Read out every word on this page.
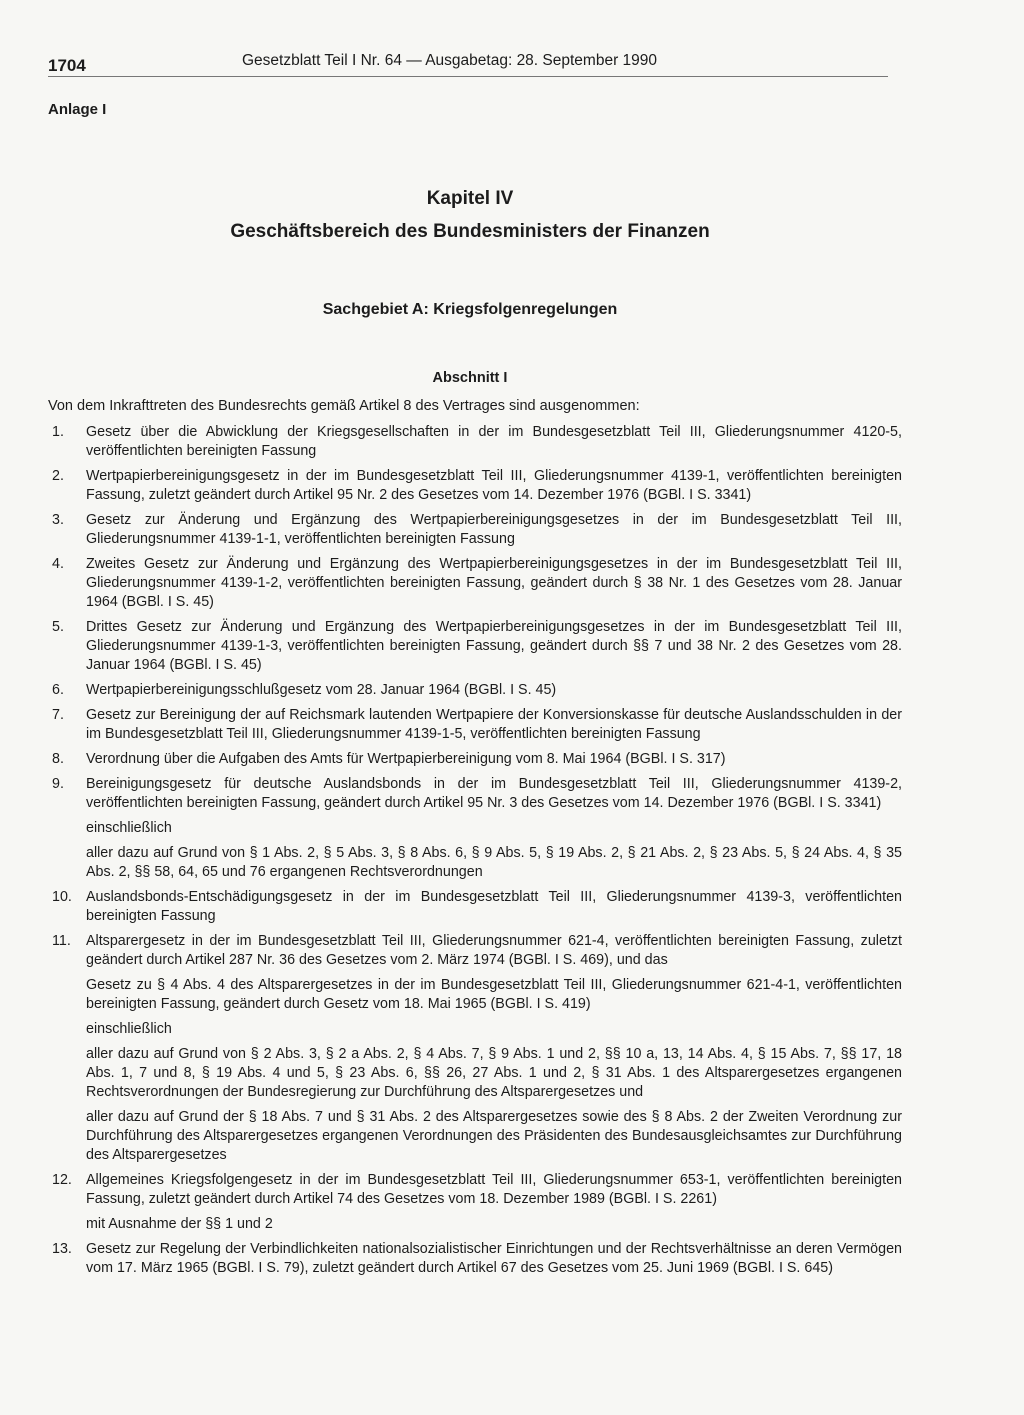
1704	Gesetzblatt Teil I Nr. 64 — Ausgabetag: 28. September 1990
Anlage I
Kapitel IV
Geschäftsbereich des Bundesministers der Finanzen
Sachgebiet A: Kriegsfolgenregelungen
Abschnitt I
Von dem Inkrafttreten des Bundesrechts gemäß Artikel 8 des Vertrages sind ausgenommen:
1.	Gesetz über die Abwicklung der Kriegsgesellschaften in der im Bundesgesetzblatt Teil III, Gliederungsnummer 4120-5, veröffentlichten bereinigten Fassung
2.	Wertpapierbereinigungsgesetz in der im Bundesgesetzblatt Teil III, Gliederungsnummer 4139-1, veröffentlichten bereinigten Fassung, zuletzt geändert durch Artikel 95 Nr. 2 des Gesetzes vom 14. Dezember 1976 (BGBl. I S. 3341)
3.	Gesetz zur Änderung und Ergänzung des Wertpapierbereinigungsgesetzes in der im Bundesgesetzblatt Teil III, Gliederungsnummer 4139-1-1, veröffentlichten bereinigten Fassung
4.	Zweites Gesetz zur Änderung und Ergänzung des Wertpapierbereinigungsgesetzes in der im Bundesgesetzblatt Teil III, Gliederungsnummer 4139-1-2, veröffentlichten bereinigten Fassung, geändert durch § 38 Nr. 1 des Gesetzes vom 28. Januar 1964 (BGBl. I S. 45)
5.	Drittes Gesetz zur Änderung und Ergänzung des Wertpapierbereinigungsgesetzes in der im Bundesgesetzblatt Teil III, Gliederungsnummer 4139-1-3, veröffentlichten bereinigten Fassung, geändert durch §§ 7 und 38 Nr. 2 des Gesetzes vom 28. Januar 1964 (BGBl. I S. 45)
6.	Wertpapierbereinigungsschlußgesetz vom 28. Januar 1964 (BGBl. I S. 45)
7.	Gesetz zur Bereinigung der auf Reichsmark lautenden Wertpapiere der Konversionskasse für deutsche Auslandsschulden in der im Bundesgesetzblatt Teil III, Gliederungsnummer 4139-1-5, veröffentlichten bereinigten Fassung
8.	Verordnung über die Aufgaben des Amts für Wertpapierbereinigung vom 8. Mai 1964 (BGBl. I S. 317)
9.	Bereinigungsgesetz für deutsche Auslandsbonds in der im Bundesgesetzblatt Teil III, Gliederungsnummer 4139-2, veröffentlichten bereinigten Fassung, geändert durch Artikel 95 Nr. 3 des Gesetzes vom 14. Dezember 1976 (BGBl. I S. 3341)
einschließlich
aller dazu auf Grund von § 1 Abs. 2, § 5 Abs. 3, § 8 Abs. 6, § 9 Abs. 5, § 19 Abs. 2, § 21 Abs. 2, § 23 Abs. 5, § 24 Abs. 4, § 35 Abs. 2, §§ 58, 64, 65 und 76 ergangenen Rechtsverordnungen
10. Auslandsbonds-Entschädigungsgesetz in der im Bundesgesetzblatt Teil III, Gliederungsnummer 4139-3, veröffentlichten bereinigten Fassung
11.	Altsparergesetz in der im Bundesgesetzblatt Teil III, Gliederungsnummer 621-4, veröffentlichten bereinigten Fassung, zuletzt geändert durch Artikel 287 Nr. 36 des Gesetzes vom 2. März 1974 (BGBl. I S. 469), und das
Gesetz zu § 4 Abs. 4 des Altsparergesetzes in der im Bundesgesetzblatt Teil III, Gliederungsnummer 621-4-1, veröffentlichten bereinigten Fassung, geändert durch Gesetz vom 18. Mai 1965 (BGBl. I S. 419)
einschließlich
aller dazu auf Grund von § 2 Abs. 3, § 2 a Abs. 2, § 4 Abs. 7, § 9 Abs. 1 und 2, §§ 10 a, 13, 14 Abs. 4, § 15 Abs. 7, §§ 17, 18 Abs. 1, 7 und 8, § 19 Abs. 4 und 5, § 23 Abs. 6, §§ 26, 27 Abs. 1 und 2, § 31 Abs. 1 des Altsparergesetzes ergangenen Rechtsverordnungen der Bundesregierung zur Durchführung des Altsparergesetzes und
aller dazu auf Grund der § 18 Abs. 7 und § 31 Abs. 2 des Altsparergesetzes sowie des § 8 Abs. 2 der Zweiten Verordnung zur Durchführung des Altsparergesetzes ergangenen Verordnungen des Präsidenten des Bundesausgleichsamtes zur Durchführung des Altsparergesetzes
12. Allgemeines Kriegsfolgengesetz in der im Bundesgesetzblatt Teil III, Gliederungsnummer 653-1, veröffentlichten bereinigten Fassung, zuletzt geändert durch Artikel 74 des Gesetzes vom 18. Dezember 1989 (BGBl. I S. 2261)
mit Ausnahme der §§ 1 und 2
13. Gesetz zur Regelung der Verbindlichkeiten nationalsozialistischer Einrichtungen und der Rechtsverhältnisse an deren Vermögen vom 17. März 1965 (BGBl. I S. 79), zuletzt geändert durch Artikel 67 des Gesetzes vom 25. Juni 1969 (BGBl. I S. 645)
